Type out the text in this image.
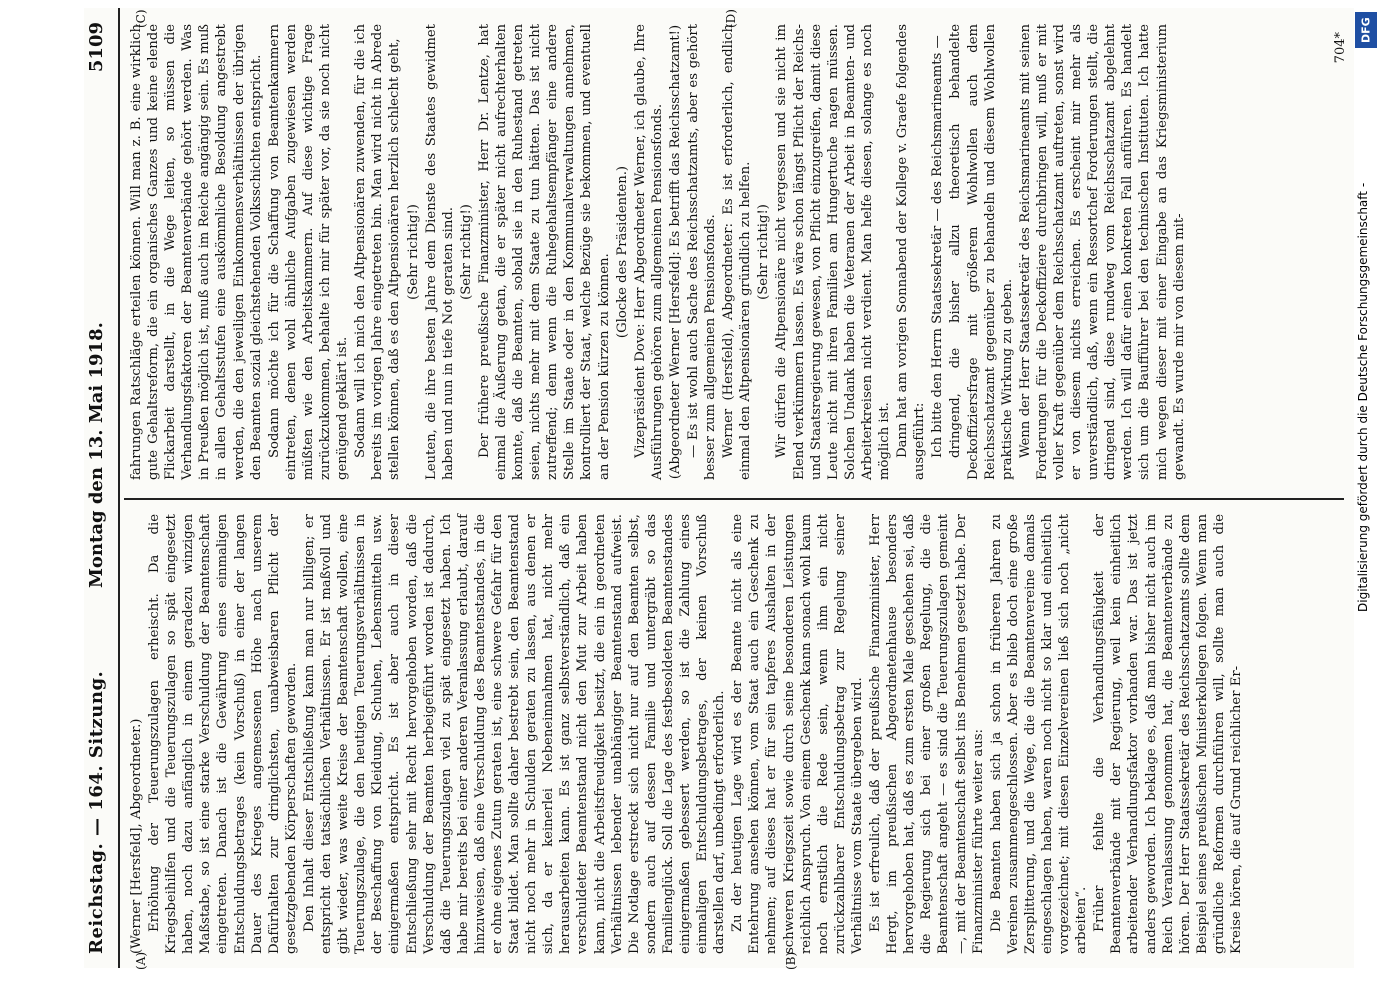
Reichstag. — 164. Sitzung.
Montag den 13. Mai 1918.
5109
(A)	(B)
(C)	(D)

(Werner [Hersfeld], Abgeordneter.) Erhöhung der Teuerungszulagen erheischt. Da die Kriegsbeihilfen und die Teuerungszulagen so spät eingesetzt haben, noch dazu anfänglich in einem geradezu winzigen Maßstabe, so ist eine starke Verschuldung der Beamtenschaft eingetreten. Danach ist die Gewährung eines einmaligen Entschuldungsbetrages (kein Vorschuß) in einer der langen Dauer des Krieges angemessenen Höhe nach unserem Dafürhalten zur dringlichsten, unabweisbaren Pflicht der gesetzgebenden Körperschaften geworden. Den Inhalt dieser Entschließung kann man nur billigen; er entspricht den tatsächlichen Verhältnissen. Er ist maßvoll und gibt wieder, was weite Kreise der Beamtenschaft wollen, eine Teuerungszulage, die den heutigen Teuerungsverhältnissen in der Beschaffung von Kleidung, Schuhen, Lebensmitteln usw. einigermaßen entspricht. Es ist aber auch in dieser Entschließung sehr mit Recht hervorgehoben worden, daß die Verschuldung der Beamten herbeigeführt worden ist dadurch, daß die Teuerungszulagen viel zu spät eingesetzt haben. Ich habe mir bereits bei einer anderen Veranlassung erlaubt, darauf hinzuweisen, daß eine Verschuldung des Beamtenstandes, in die er ohne eigenes Zutun geraten ist, eine schwere Gefahr für den Staat bildet. Man sollte daher bestrebt sein, den Beamtenstand nicht noch mehr in Schulden geraten zu lassen, aus denen er sich, da er keinerlei Nebeneinnahmen hat, nicht mehr herausarbeiten kann. Es ist ganz selbstverständlich, daß ein verschuldeter Beamtenstand nicht den Mut zur Arbeit haben kann, nicht die Arbeitsfreudigkeit besitzt, die ein in geordneten Verhältnissen lebender unabhängiger Beamtenstand aufweist. Die Notlage erstreckt sich nicht nur auf den Beamten selbst, sondern auch auf dessen Familie und untergräbt so das Familienglück. Soll die Lage des festbesoldeten Beamtenstandes einigermaßen gebessert werden, so ist die Zahlung eines einmaligen Entschuldungsbetrages, der keinen Vorschuß darstellen darf, unbedingt erforderlich. Zu der heutigen Lage wird es der Beamte nicht als eine Entehrung ansehen können, vom Staat auch ein Geschenk zu nehmen; auf dieses hat er für sein tapferes Aushalten in der schweren Kriegszeit sowie durch seine besonderen Leistungen reichlich Anspruch. Von einem Geschenk kann sonach wohl kaum noch ernstlich die Rede sein, wenn ihm ein nicht zurückzahlbarer Entschuldungsbetrag zur Regelung seiner Verhältnisse vom Staate übergeben wird. Es ist erfreulich, daß der preußische Finanzminister, Herr Hergt, im preußischen Abgeordnetenhause besonders hervorgehoben hat, daß es zum ersten Male geschehen sei, daß die Regierung sich bei einer großen Regelung, die die Beamtenschaft angeht — es sind die Teuerungszulagen gemeint —, mit der Beamtenschaft selbst ins Benehmen gesetzt habe. Der Finanzminister führte weiter aus: Die Beamten haben sich ja schon in früheren Jahren zu Vereinen zusammengeschlossen. Aber es blieb doch eine große Zersplitterung, und die Wege, die die Beamtenvereine damals eingeschlagen haben, waren noch nicht so klar und einheitlich vorgezeichnet; mit diesen Einzelvereinen ließ sich noch „nicht arbeiten“. Früher fehlte die Verhandlungsfähigkeit der Beamtenverbände mit der Regierung, weil kein einheitlich arbeitender Verhandlungsfaktor vorhanden war. Das ist jetzt anders geworden. Ich beklage es, daß man bisher nicht auch im Reich Veranlassung genommen hat, die Beamtenverbände zu hören. Der Herr Staatssekretär des Reichsschatzamts sollte dem Beispiel seines preußischen Ministerkollegen folgen. Wenn man gründliche Reformen durchführen will, sollte man auch die Kreise hören, die auf Grund reichlicher Er-

fahrungen Ratschläge erteilen können. Will man z. B. eine wirklich gute Gehaltsreform, die ein organisches Ganzes und keine elende Flickarbeit darstellt, in die Wege leiten, so müssen die Verhandlungsfaktoren der Beamtenverbände gehört werden. Was in Preußen möglich ist, muß auch im Reiche angängig sein. Es muß in allen Gehaltsstufen eine auskömmliche Besoldung angestrebt werden, die den jeweiligen Einkommensverhältnissen der übrigen den Beamten sozial gleichstehenden Volksschichten entspricht. Sodann möchte ich für die Schaffung von Beamtenkammern eintreten, denen wohl ähnliche Aufgaben zugewiesen werden müßten wie den Arbeitskammern. Auf diese wichtige Frage zurückzukommen, behalte ich mir für später vor, da sie noch nicht genügend geklärt ist. Sodann will ich mich den Altpensionären zuwenden, für die ich bereits im vorigen Jahre eingetreten bin. Man wird nicht in Abrede stellen können, daß es den Altpensionären herzlich schlecht geht, (Sehr richtig!) Leuten, die ihre besten Jahre dem Dienste des Staates gewidmet haben und nun in tiefe Not geraten sind. (Sehr richtig!) Der frühere preußische Finanzminister, Herr Dr. Lentze, hat einmal die Äußerung getan, die er später nicht aufrechterhalten konnte, daß die Beamten, sobald sie in den Ruhestand getreten seien, nichts mehr mit dem Staate zu tun hätten. Das ist nicht zutreffend; denn wenn die Ruhegehaltsempfänger eine andere Stelle im Staate oder in den Kommunalverwaltungen annehmen, kontrolliert der Staat, welche Bezüge sie bekommen, und eventuell an der Pension kürzen zu können.

(Glocke des Präsidenten.) Vizepräsident Dove: Herr Abgeordneter Werner, ich glaube, Ihre Ausführungen gehören zum allgemeinen Pensionsfonds. (Abgeordneter Werner [Hersfeld]: Es betrifft das Reichsschatzamt!) — Es ist wohl auch Sache des Reichsschatzamts, aber es gehört besser zum allgemeinen Pensionsfonds. Werner (Hersfeld), Abgeordneter: Es ist erforderlich, endlich einmal den Altpensionären gründlich zu helfen. (Sehr richtig!) Wir dürfen die Altpensionäre nicht vergessen und sie nicht im Elend verkümmern lassen. Es wäre schon längst Pflicht der Reichs- und Staatsregierung gewesen, von Pflicht einzugreifen, damit diese Leute nicht mit ihren Familien am Hungertuche nagen müssen. Solchen Undank haben die Veteranen der Arbeit in Beamten- und Arbeiterkreisen nicht verdient. Man helfe diesen, solange es noch möglich ist. Dann hat am vorigen Sonnabend der Kollege v. Graefe folgendes ausgeführt: Ich bitte den Herrn Staatssekretär — des Reichsmarineamts — dringend, die bisher allzu theoretisch behandelte Deckoffiziersfrage mit größerem Wohlwollen auch dem Reichsschatzamt gegenüber zu behandeln und diesem Wohlwollen praktische Wirkung zu geben. Wenn der Herr Staatssekretär des Reichsmarineamts mit seinen Forderungen für die Deckoffiziere durchbringen will, muß er mit voller Kraft gegenüber dem Reichsschatzamt auftreten, sonst wird er von diesem nichts erreichen. Es erscheint mir mehr als unverständlich, daß, wenn ein Ressortchef Forderungen stellt, die dringend sind, diese rundweg vom Reichsschatzamt abgelehnt werden. Ich will dafür einen konkreten Fall anführen. Es handelt sich um die Baufführer bei den technischen Instituten. Ich hatte mich wegen dieser mit einer Eingabe an das Kriegsministerium gewandt. Es wurde mir von diesem mit-

704*
DFG
Digitalisierung gefördert durch die Deutsche Forschungsgemeinschaft -
